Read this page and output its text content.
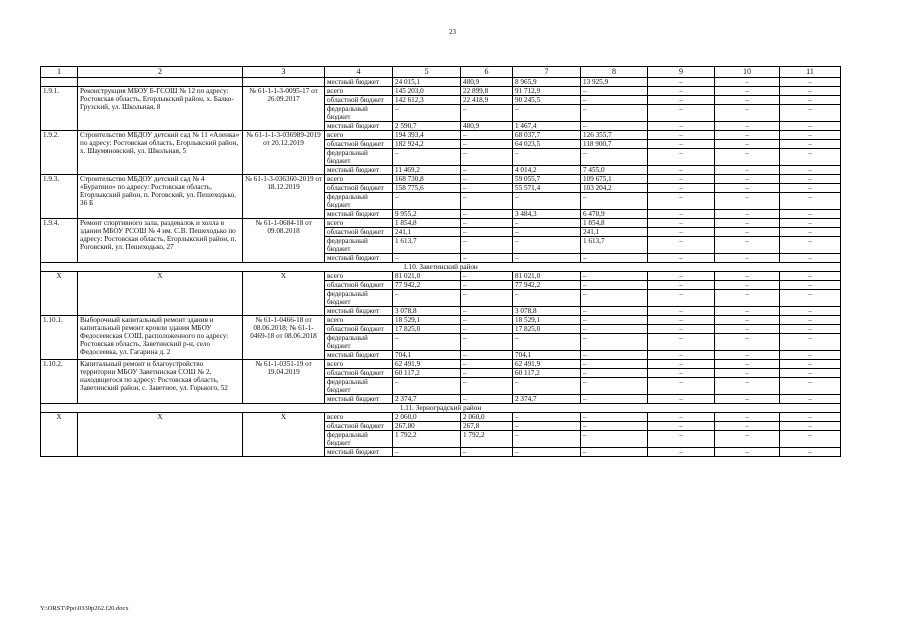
23
1	2	3	4	5	6	7	8	9	10	11
			местный бюджет	24 015,1	480,9	8 965,9	13 925,9	–	–	–
1.9.1.	Реконструкция МБОУ Б-ГСОШ № 12 по адресу: Ростовская область, Егорлыкский район, х. Балко-Грузский, ул. Школьная, 8	№ 61-1-1-3-0095-17 от 26.09.2017	всего	145 203,0	22 899,8	91 712,9	–	–	–	–
			областной бюджет	142 612,3	22 418,9	90 245,5	–	–	–	–
			федеральный бюджет	–	–	–	–	–	–	–
			местный бюджет	2 590,7	480,9	1 467,4	–	–	–	–
1.9.2.	Строительство МБДОУ детский сад № 11 «Аленка» по адресу: Ростовская область, Егорлыкский район, х. Шаумяновский, ул. Школьная, 5	№ 61-1-1-3-036989-2019 от 20.12.2019	всего	194 393,4	–	68 037,7	126 355,7	–	–	–
			областной бюджет	182 924,2	–	64 023,5	118 900,7	–	–	–
			федеральный бюджет	–	–	–	–	–	–	–
			местный бюджет	11 469,2	–	4 014,2	7 455,0	–	–	–
1.9.3.	Строительство МБДОУ детский сад № 4 «Буратино» по адресу: Ростовская область, Егорлыкский район, п. Роговский, ул. Пешеходько, 36 Б	№ 61-1-3-036360-2019 от 18.12.2019	всего	168 730,8	–	59 055,7	109 675,1	–	–	–
			областной бюджет	158 775,6	–	55 571,4	103 204,2	–	–	–
			федеральный бюджет	–	–	–	–	–	–	–
			местный бюджет	9 955,2	–	3 484,3	6 470,9	–	–	–
1.9.4.	Ремонт спортивного зала, раздевалок и холла в здании МБОУ РСОШ № 4 им. С.В. Пешеходько по адресу: Ростовская область, Егорлыкский район, п. Роговский, ул. Пешеходько, 27	№ 61-1-0684-18 от 09.08.2018	всего	1 854,8	–	–	1 854,8	–	–	–
			областной бюджет	241,1	–	–	241,1	–	–	–
			федеральный бюджет	1 613,7	–	–	1 613,7	–	–	–
			местный бюджет	–	–	–	–	–	–	–
1.10. Заветинский район										
X	X	X	всего	81 021,0	–	81 021,0	–	–	–	–
			областной бюджет	77 942,2	–	77 942,2	–	–	–	–
			федеральный бюджет	–	–	–	–	–	–	–
			местный бюджет	3 078,8	–	3 078,8	–	–	–	–
1.10.1.	Выборочный капитальный ремонт здания и капитальный ремонт кровли здания МБОУ Федосеевская СОШ, расположенного по адресу: Ростовская область, Заветинский р-н, село Федосеевка, ул. Гагарина д. 2	№ 61-1-0466-18 от 08.06.2018; № 61-1-0469-18 от 08.06.2018	всего	18 529,1	–	18 529,1	–	–	–	–
			областной бюджет	17 825,0	–	17 825,0	–	–	–	–
			федеральный бюджет	–	–	–	–	–	–	–
			местный бюджет	704,1	–	704,1	–	–	–	–
1.10.2.	Капитальный ремонт и благоустройство территории МБОУ Заветинская СОШ № 2, находящегося по адресу: Ростовская область, Заветинский район, с. Заветное, ул. Горького, 52	№ 61-1-0351-19 от 19.04.2019	всего	62 491,9	–	62 491,9	–	–	–	–
			областной бюджет	60 117,2	–	60 117,2	–	–	–	–
			федеральный бюджет	–	–	–	–	–	–	–
			местный бюджет	2 374,7	–	2 374,7	–	–	–	–
1.11. Зерноградский район										
X	X	X	всего	2 060,0	2 060,0	–	–	–	–	–
			областной бюджет	267,80	267,8	–	–	–	–	–
			федеральный бюджет	1 792,2	1 792,2	–	–	–	–	–
			местный бюджет	–	–	–	–	–	–	–
Y:\ORST\Ppo\0330p262.f20.docx
